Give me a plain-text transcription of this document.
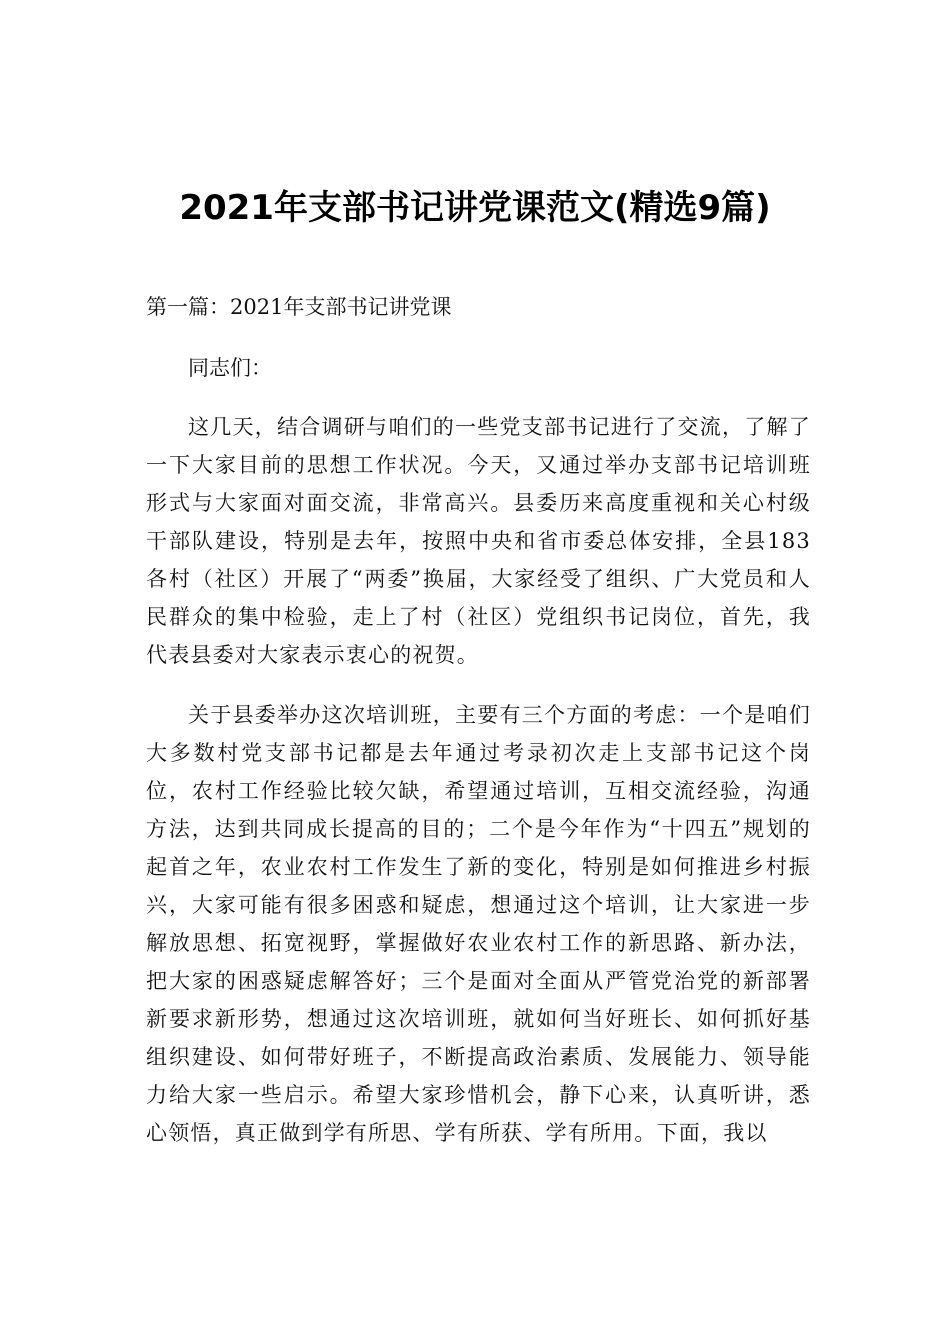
2021年支部书记讲党课范文(精选9篇)

第一篇：2021年支部书记讲党课

同志们：

这几天，结合调研与咱们的一些党支部书记进行了交流，了解了一下大家目前的思想工作状况。今天，又通过举办支部书记培训班形式与大家面对面交流，非常高兴。县委历来高度重视和关心村级干部队建设，特别是去年，按照中央和省市委总体安排，全县183各村（社区）开展了“两委”换届，大家经受了组织、广大党员和人民群众的集中检验，走上了村（社区）党组织书记岗位，首先，我代表县委对大家表示衷心的祝贺。

关于县委举办这次培训班，主要有三个方面的考虑：一个是咱们大多数村党支部书记都是去年通过考录初次走上支部书记这个岗位，农村工作经验比较欠缺，希望通过培训，互相交流经验，沟通方法，达到共同成长提高的目的；二个是今年作为“十四五”规划的起首之年，农业农村工作发生了新的变化，特别是如何推进乡村振兴，大家可能有很多困惑和疑虑，想通过这个培训，让大家进一步解放思想、拓宽视野，掌握做好农业农村工作的新思路、新办法，把大家的困惑疑虑解答好；三个是面对全面从严管党治党的新部署新要求新形势，想通过这次培训班，就如何当好班长、如何抓好基组织建设、如何带好班子，不断提高政治素质、发展能力、领导能力给大家一些启示。希望大家珍惜机会，静下心来，认真听讲，悉心领悟，真正做到学有所思、学有所获、学有所用。下面，我以
